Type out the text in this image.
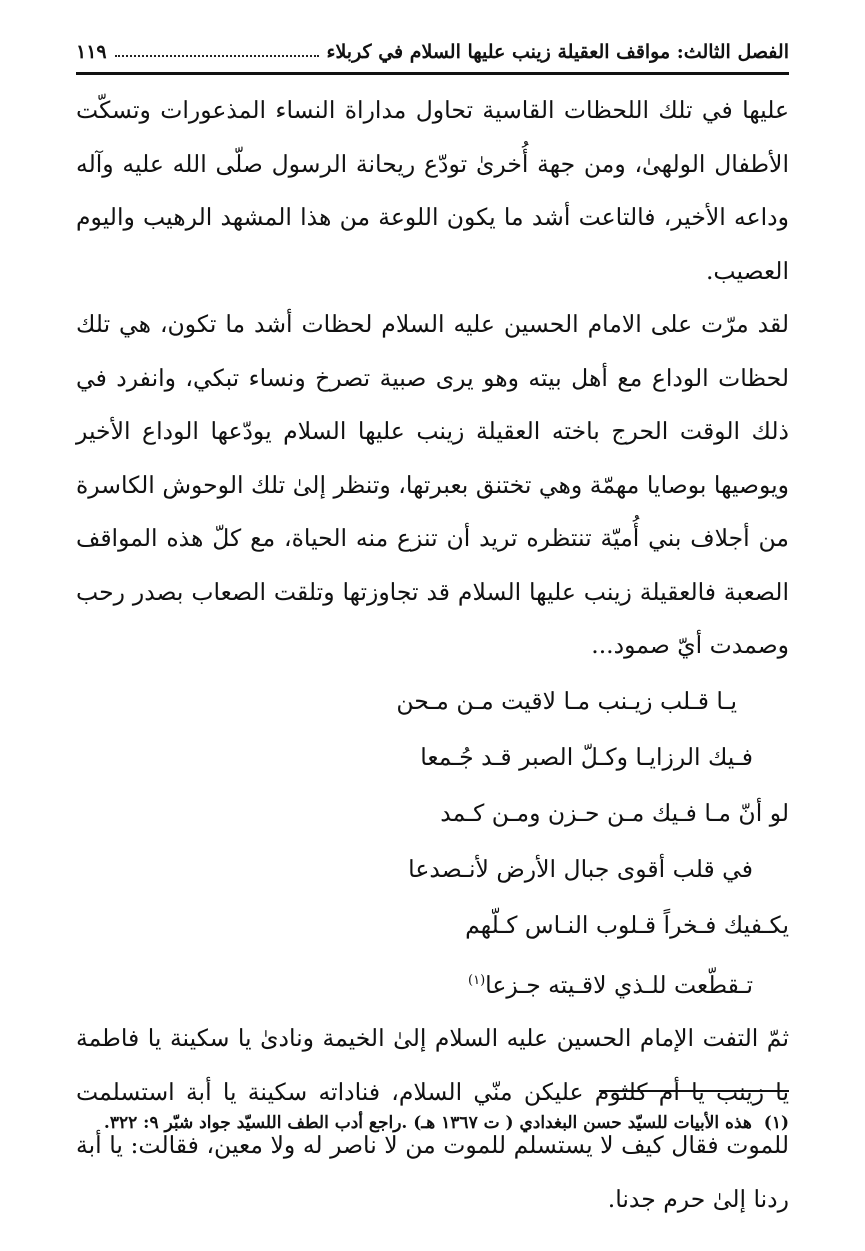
الفصل الثالث: مواقف العقيلة زينب عليها السلام في كربلاء
١١٩

عليها في تلك اللحظات القاسية تحاول مداراة النساء المذعورات وتسكّت الأطفال الولهىٰ، ومن جهة أُخرىٰ تودّع ريحانة الرسول صلّى الله عليه وآله وداعه الأخير، فالتاعت أشد ما يكون اللوعة من هذا المشهد الرهيب واليوم العصيب.

لقد مرّت على الامام الحسين عليه السلام لحظات أشد ما تكون، هي تلك لحظات الوداع مع أهل بيته وهو يرى صبية تصرخ ونساء تبكي، وانفرد في ذلك الوقت الحرج باخته العقيلة زينب عليها السلام يودّعها الوداع الأخير ويوصيها بوصايا مهمّة وهي تختنق بعبرتها، وتنظر إلىٰ تلك الوحوش الكاسرة من أجلاف بني أُميّة تنتظره تريد أن تنزع منه الحياة، مع كلّ هذه المواقف الصعبة فالعقيلة زينب عليها السلام قد تجاوزتها وتلقت الصعاب بصدر رحب وصمدت أيّ صمود...

يـا قـلب زيـنب مـا لاقيت مـن مـحن
فـيك الرزايـا وكـلّ الصبر قـد جُـمعا
لو أنّ مـا فـيك مـن حـزن ومـن كـمد
في قلب أقوى جبال الأرض لأنـصدعا
يكـفيك فـخراً قـلوب النـاس كـلّهم
تـقطّعت للـذي لاقـيته جـزعا$^{(١)}$

ثمّ التفت الإمام الحسين عليه السلام إلىٰ الخيمة ونادىٰ يا سكينة يا فاطمة يا زينب يا أم كلثوم عليكن منّي السلام، فناداته سكينة يا أبة استسلمت للموت فقال كيف لا يستسلم للموت من لا ناصر له ولا معين، فقالت: يا أبة ردنا إلىٰ حرم جدنا.

(١) هذه الأبيات للسيّد حسن البغدادي ( ت ١٣٦٧ هـ) .راجع أدب الطف اللسيّد جواد شبّر ٩: ٣٢٢.
